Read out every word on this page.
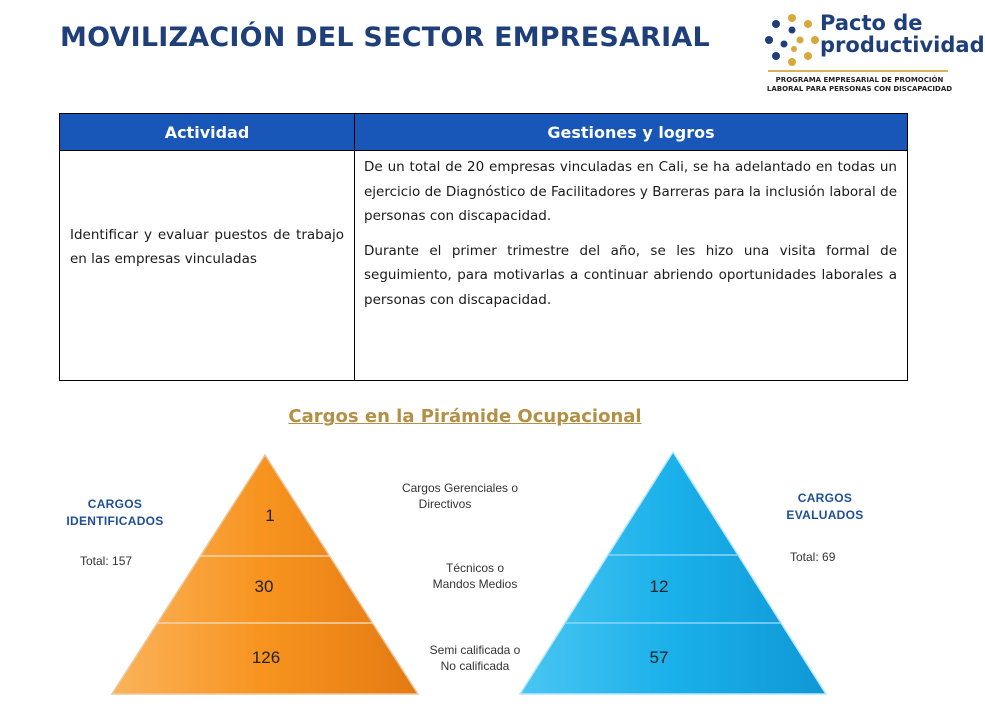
MOVILIZACIÓN DEL SECTOR EMPRESARIAL	Pacto de
productividad
PROGRAMA EMPRESARIAL DE PROMOCIÓN
LABORAL PARA PERSONAS CON DISCAPACIDAD
Actividad	Gestiones y logros

Identificar y evaluar puestos de trabajo en las empresas vinculadas	De un total de 20 empresas vinculadas en Cali, se ha adelantado en todas un ejercicio de Diagnóstico de Facilitadores y Barreras para la inclusión laboral de personas con discapacidad.

Durante el primer trimestre del año, se les hizo una visita formal de seguimiento, para motivarlas a continuar abriendo oportunidades laborales a personas con discapacidad.

Cargos en la Pirámide Ocupacional
1
30
126
12
57
CARGOS
IDENTIFICADOS
Total: 157
CARGOS
EVALUADOS
Total: 69
Cargos Gerenciales o
Directivos
Técnicos o
Mandos Medios
Semi calificada o
No calificada
